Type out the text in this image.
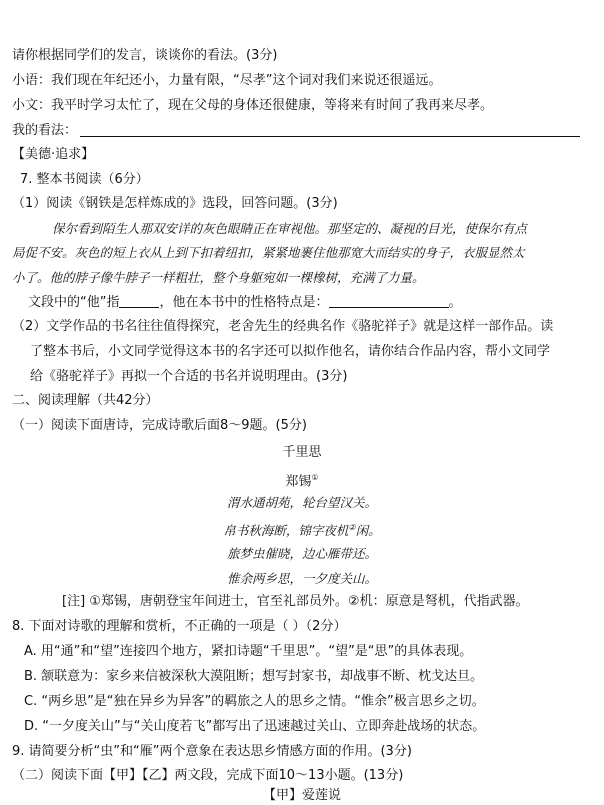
请你根据同学们的发言，谈谈你的看法。(3分)
小语：我们现在年纪还小，力量有限，“尽孝”这个词对我们来说还很遥远。
小文：我平时学习太忙了，现在父母的身体还很健康，等将来有时间了我再来尽孝。
我的看法：
【美德·追求】
7. 整本书阅读（6分）
（1）阅读《钢铁是怎样炼成的》选段，回答问题。(3分)
保尔看到陌生人那双安详的灰色眼睛正在审视他。那坚定的、凝视的目光，使保尔有点
局促不安。灰色的短上衣从上到下扣着纽扣，紧紧地裹住他那宽大而结实的身子，衣服显然太
小了。他的脖子像牛脖子一样粗壮，整个身躯宛如一棵橡树，充满了力量。
文段中的“他”指	，他在本书中的性格特点是：	。
（2）文学作品的书名往往值得探究，老舍先生的经典名作《骆驼祥子》就是这样一部作品。读
了整本书后，小文同学觉得这本书的名字还可以拟作他名，请你结合作品内容，帮小文同学
给《骆驼祥子》再拟一个合适的书名并说明理由。(3分)
二、阅读理解（共42分）
（一）阅读下面唐诗，完成诗歌后面8～9题。(5分)
千里思
郑锡①
渭水通胡苑，轮台望汉关。
帛书秋海断，锦字夜机②闲。
旅梦虫催晓，边心雁带还。
惟余两乡思，一夕度关山。
[注] ①郑锡，唐朝登宝年间进士，官至礼部员外。②机：原意是弩机，代指武器。
8. 下面对诗歌的理解和赏析，不正确的一项是（ ）（2分）
A. 用“通”和“望”连接四个地方，紧扣诗题“千里思”。“望”是“思”的具体表现。
B. 颔联意为：家乡来信被深秋大漠阻断；想写封家书，却战事不断、枕戈达旦。
C. “两乡思”是“独在异乡为异客”的羁旅之人的思乡之情。“惟余”极言思乡之切。
D. “一夕度关山”与“关山度若飞”都写出了迅速越过关山、立即奔赴战场的状态。
9. 请简要分析“虫”和“雁”两个意象在表达思乡情感方面的作用。(3分)
（二）阅读下面【甲】【乙】两文段，完成下面10～13小题。(13分)
【甲】爱莲说
